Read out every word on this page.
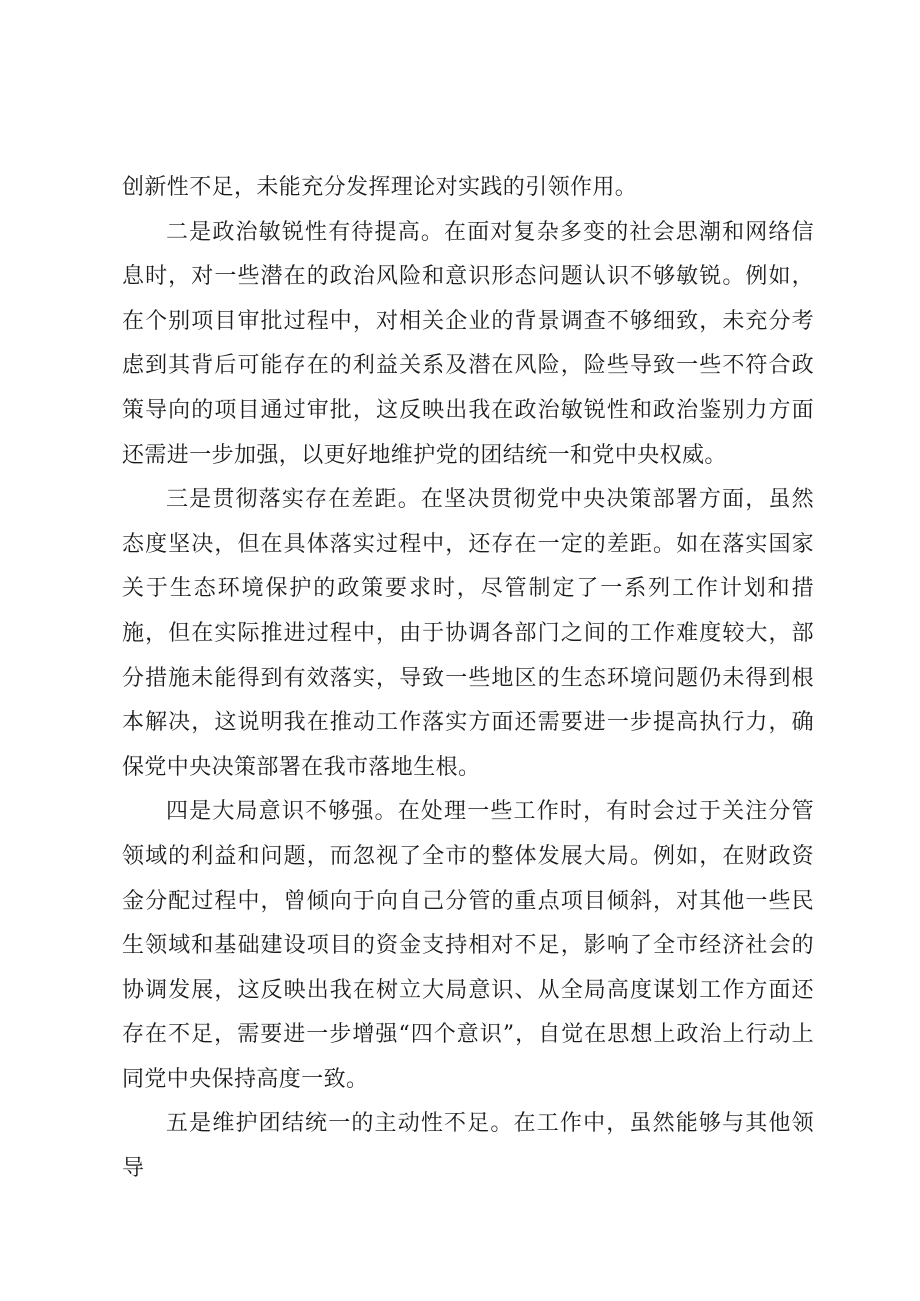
创新性不足，未能充分发挥理论对实践的引领作用。

二是政治敏锐性有待提高。在面对复杂多变的社会思潮和网络信息时，对一些潜在的政治风险和意识形态问题认识不够敏锐。例如，在个别项目审批过程中，对相关企业的背景调查不够细致，未充分考虑到其背后可能存在的利益关系及潜在风险，险些导致一些不符合政策导向的项目通过审批，这反映出我在政治敏锐性和政治鉴别力方面还需进一步加强，以更好地维护党的团结统一和党中央权威。

三是贯彻落实存在差距。在坚决贯彻党中央决策部署方面，虽然态度坚决，但在具体落实过程中，还存在一定的差距。如在落实国家关于生态环境保护的政策要求时，尽管制定了一系列工作计划和措施，但在实际推进过程中，由于协调各部门之间的工作难度较大，部分措施未能得到有效落实，导致一些地区的生态环境问题仍未得到根本解决，这说明我在推动工作落实方面还需要进一步提高执行力，确保党中央决策部署在我市落地生根。

四是大局意识不够强。在处理一些工作时，有时会过于关注分管领域的利益和问题，而忽视了全市的整体发展大局。例如，在财政资金分配过程中，曾倾向于向自己分管的重点项目倾斜，对其他一些民生领域和基础建设项目的资金支持相对不足，影响了全市经济社会的协调发展，这反映出我在树立大局意识、从全局高度谋划工作方面还存在不足，需要进一步增强“四个意识”，自觉在思想上政治上行动上同党中央保持高度一致。

五是维护团结统一的主动性不足。在工作中，虽然能够与其他领导
